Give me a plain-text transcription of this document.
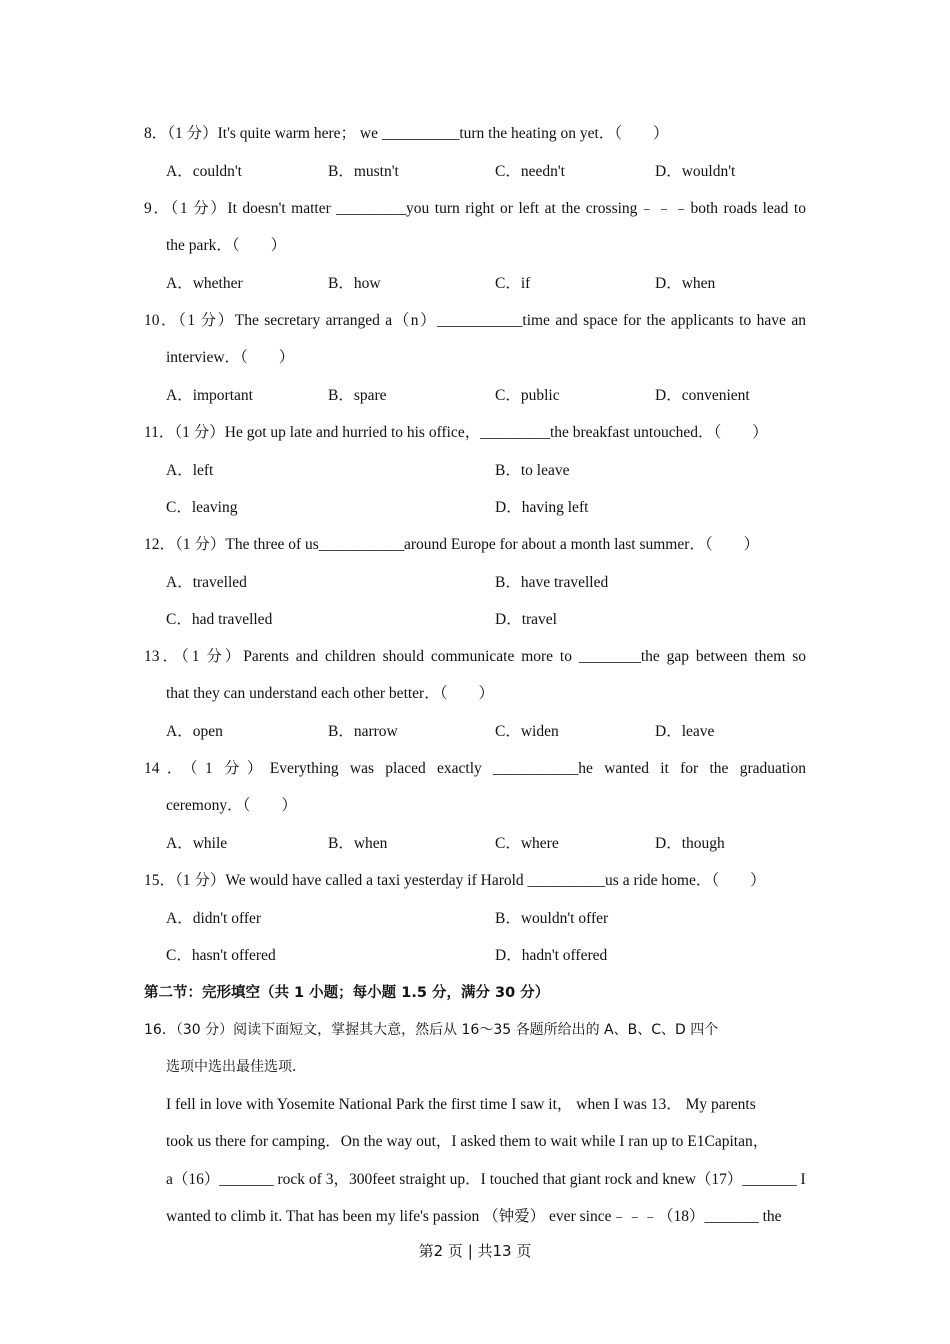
8．（1 分）It's quite warm here； we __________turn the heating on yet．（　　）
A．couldn't	B．mustn't	C．needn't	D．wouldn't
9．（1 分）It doesn't matter _________you turn right or left at the crossing﹣﹣﹣both roads lead to
the park．（　　）
A．whether	B．how	C．if	D．when
10．（1 分）The secretary arranged a（n）___________time and space for the applicants to have an
interview．（　　）
A．important	B．spare	C．public	D．convenient
11．（1 分）He got up late and hurried to his office，_________the breakfast untouched．（　　）
A．left	B．to leave
C．leaving	D．having left
12．（1 分）The three of us___________around Europe for about a month last summer．（　　）
A．travelled	B．have travelled
C．had travelled	D．travel
13．（1 分）Parents and children should communicate more to ________the gap between them so
that they can understand each other better．（　　）
A．open	B．narrow	C．widen	D．leave
14．（1 分）Everything was placed exactly ___________he wanted it for the graduation
ceremony．（　　）
A．while	B．when	C．where	D．though
15．（1 分）We would have called a taxi yesterday if Harold __________us a ride home．（　　）
A．didn't offer	B．wouldn't offer
C．hasn't offered	D．hadn't offered
第二节：完形填空（共 1 小题；每小题 1.5 分，满分 30 分）
16．（30 分）阅读下面短文，掌握其大意，然后从 16～35 各题所给出的 A、B、C、D 四个
选项中选出最佳选项．
I fell in love with Yosemite National Park the first time I saw it， when I was 13． My parents
took us there for camping．On the way out，I asked them to wait while I ran up to E1Capitan，
a（16）_______ rock of 3，300feet straight up．I touched that giant rock and knew（17）_______ I
wanted to climb it. That has been my life's passion （钟爱） ever since﹣﹣﹣（18）_______ the
第2 页 | 共13 页
